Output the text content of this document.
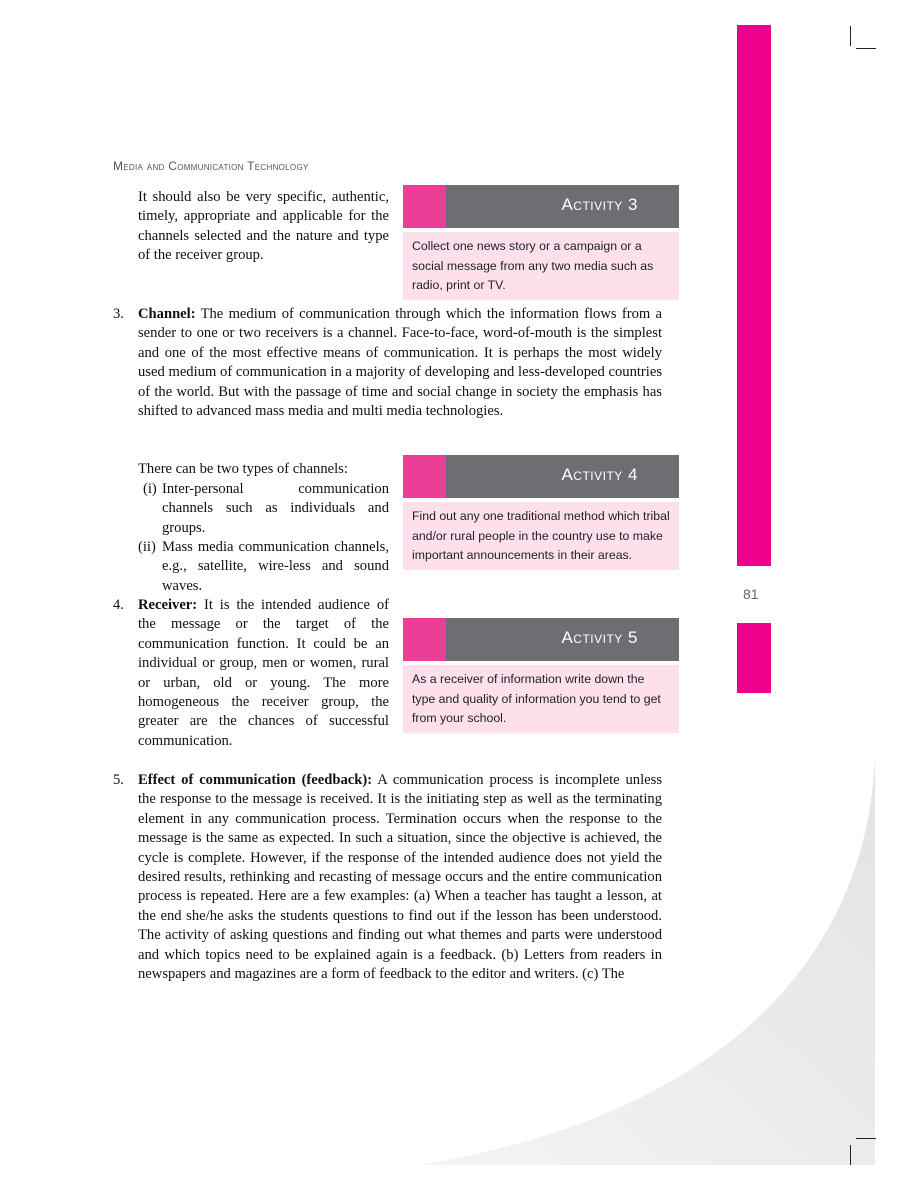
81
Media and Communication Technology
It should also be very specific, authentic, timely, appropriate and applicable for the channels selected and the nature and type of the receiver group.
Activity 3
Collect one news story or a campaign or a social message from any two media such as radio, print or TV.
3. Channel: The medium of communication through which the information flows from a sender to one or two receivers is a channel. Face-to-face, word-of-mouth is the simplest and one of the most effective means of communication. It is perhaps the most widely used medium of communication in a majority of developing and less-developed countries of the world. But with the passage of time and social change in society the emphasis has shifted to advanced mass media and multi media technologies.
There can be two types of channels:
(i) Inter-personal communication channels such as individuals and groups.
(ii) Mass media communication channels, e.g., satellite, wire-less and sound waves.
Activity 4
Find out any one traditional method which tribal and/or rural people in the country use to make important announcements in their areas.
4. Receiver: It is the intended audience of the message or the target of the communication function. It could be an individual or group, men or women, rural or urban, old or young. The more homogeneous the receiver group, the greater are the chances of successful communication.
Activity 5
As a receiver of information write down the type and quality of information you tend to get from your school.
5. Effect of communication (feedback): A communication process is incomplete unless the response to the message is received. It is the initiating step as well as the terminating element in any communication process. Termination occurs when the response to the message is the same as expected. In such a situation, since the objective is achieved, the cycle is complete. However, if the response of the intended audience does not yield the desired results, rethinking and recasting of message occurs and the entire communication process is repeated. Here are a few examples: (a) When a teacher has taught a lesson, at the end she/he asks the students questions to find out if the lesson has been understood. The activity of asking questions and finding out what themes and parts were understood and which topics need to be explained again is a feedback. (b) Letters from readers in newspapers and magazines are a form of feedback to the editor and writers. (c) The
